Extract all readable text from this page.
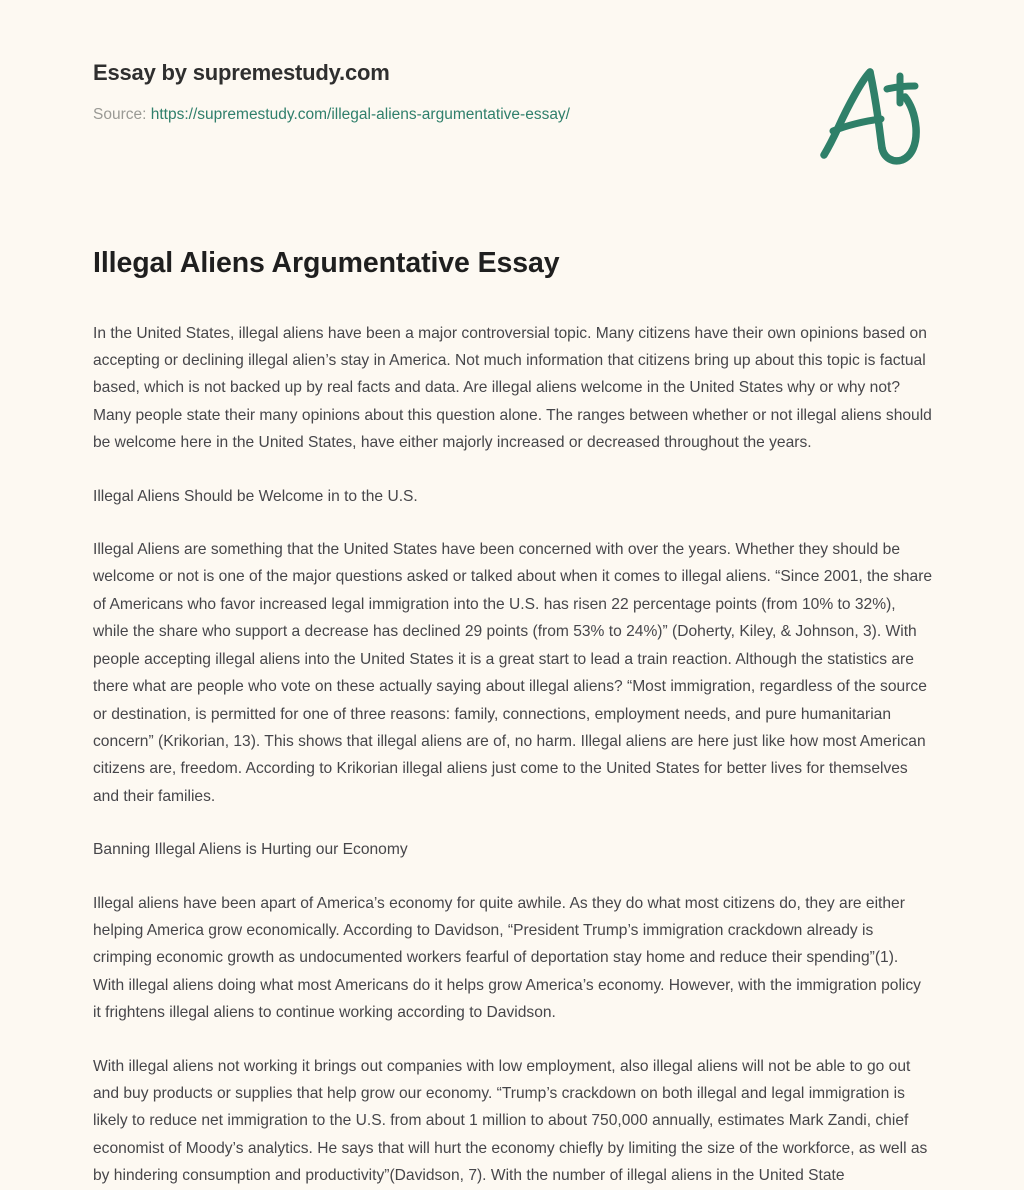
Essay by supremestudy.com
Source: https://supremestudy.com/illegal-aliens-argumentative-essay/
Illegal Aliens Argumentative Essay

In the United States, illegal aliens have been a major controversial topic. Many citizens have their own opinions based on accepting or declining illegal alien’s stay in America. Not much information that citizens bring up about this topic is factual based, which is not backed up by real facts and data. Are illegal aliens welcome in the United States why or why not? Many people state their many opinions about this question alone. The ranges between whether or not illegal aliens should be welcome here in the United States, have either majorly increased or decreased throughout the years.

Illegal Aliens Should be Welcome in to the U.S.

Illegal Aliens are something that the United States have been concerned with over the years. Whether they should be welcome or not is one of the major questions asked or talked about when it comes to illegal aliens. “Since 2001, the share of Americans who favor increased legal immigration into the U.S. has risen 22 percentage points (from 10% to 32%), while the share who support a decrease has declined 29 points (from 53% to 24%)” (Doherty, Kiley, & Johnson, 3). With people accepting illegal aliens into the United States it is a great start to lead a train reaction. Although the statistics are there what are people who vote on these actually saying about illegal aliens? “Most immigration, regardless of the source or destination, is permitted for one of three reasons: family, connections, employment needs, and pure humanitarian concern” (Krikorian, 13). This shows that illegal aliens are of, no harm. Illegal aliens are here just like how most American citizens are, freedom. According to Krikorian illegal aliens just come to the United States for better lives for themselves and their families.

Banning Illegal Aliens is Hurting our Economy

Illegal aliens have been apart of America’s economy for quite awhile. As they do what most citizens do, they are either helping America grow economically. According to Davidson, “President Trump’s immigration crackdown already is crimping economic growth as undocumented workers fearful of deportation stay home and reduce their spending”(1). With illegal aliens doing what most Americans do it helps grow America’s economy. However, with the immigration policy it frightens illegal aliens to continue working according to Davidson.

With illegal aliens not working it brings out companies with low employment, also illegal aliens will not be able to go out and buy products or supplies that help grow our economy. “Trump’s crackdown on both illegal and legal immigration is likely to reduce net immigration to the U.S. from about 1 million to about 750,000 annually, estimates Mark Zandi, chief economist of Moody’s analytics. He says that will hurt the economy chiefly by limiting the size of the workforce, as well as by hindering consumption and productivity”(Davidson, 7). With the number of illegal aliens in the United State
